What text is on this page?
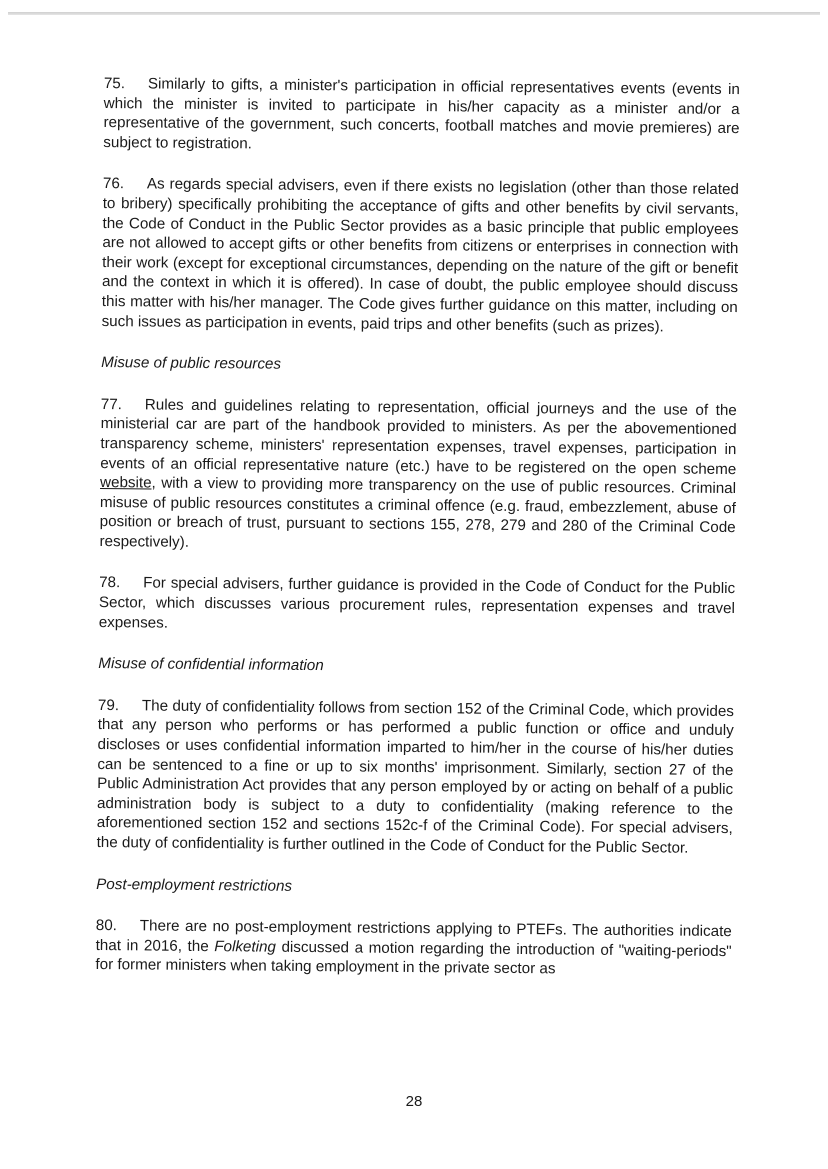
75. Similarly to gifts, a minister's participation in official representatives events (events in which the minister is invited to participate in his/her capacity as a minister and/or a representative of the government, such concerts, football matches and movie premieres) are subject to registration.

76. As regards special advisers, even if there exists no legislation (other than those related to bribery) specifically prohibiting the acceptance of gifts and other benefits by civil servants, the Code of Conduct in the Public Sector provides as a basic principle that public employees are not allowed to accept gifts or other benefits from citizens or enterprises in connection with their work (except for exceptional circumstances, depending on the nature of the gift or benefit and the context in which it is offered). In case of doubt, the public employee should discuss this matter with his/her manager. The Code gives further guidance on this matter, including on such issues as participation in events, paid trips and other benefits (such as prizes).

Misuse of public resources

77. Rules and guidelines relating to representation, official journeys and the use of the ministerial car are part of the handbook provided to ministers. As per the abovementioned transparency scheme, ministers' representation expenses, travel expenses, participation in events of an official representative nature (etc.) have to be registered on the open scheme website, with a view to providing more transparency on the use of public resources. Criminal misuse of public resources constitutes a criminal offence (e.g. fraud, embezzlement, abuse of position or breach of trust, pursuant to sections 155, 278, 279 and 280 of the Criminal Code respectively).

78. For special advisers, further guidance is provided in the Code of Conduct for the Public Sector, which discusses various procurement rules, representation expenses and travel expenses.

Misuse of confidential information

79. The duty of confidentiality follows from section 152 of the Criminal Code, which provides that any person who performs or has performed a public function or office and unduly discloses or uses confidential information imparted to him/her in the course of his/her duties can be sentenced to a fine or up to six months' imprisonment. Similarly, section 27 of the Public Administration Act provides that any person employed by or acting on behalf of a public administration body is subject to a duty to confidentiality (making reference to the aforementioned section 152 and sections 152c-f of the Criminal Code). For special advisers, the duty of confidentiality is further outlined in the Code of Conduct for the Public Sector.

Post-employment restrictions

80. There are no post-employment restrictions applying to PTEFs. The authorities indicate that in 2016, the Folketing discussed a motion regarding the introduction of "waiting-periods" for former ministers when taking employment in the private sector as

28
